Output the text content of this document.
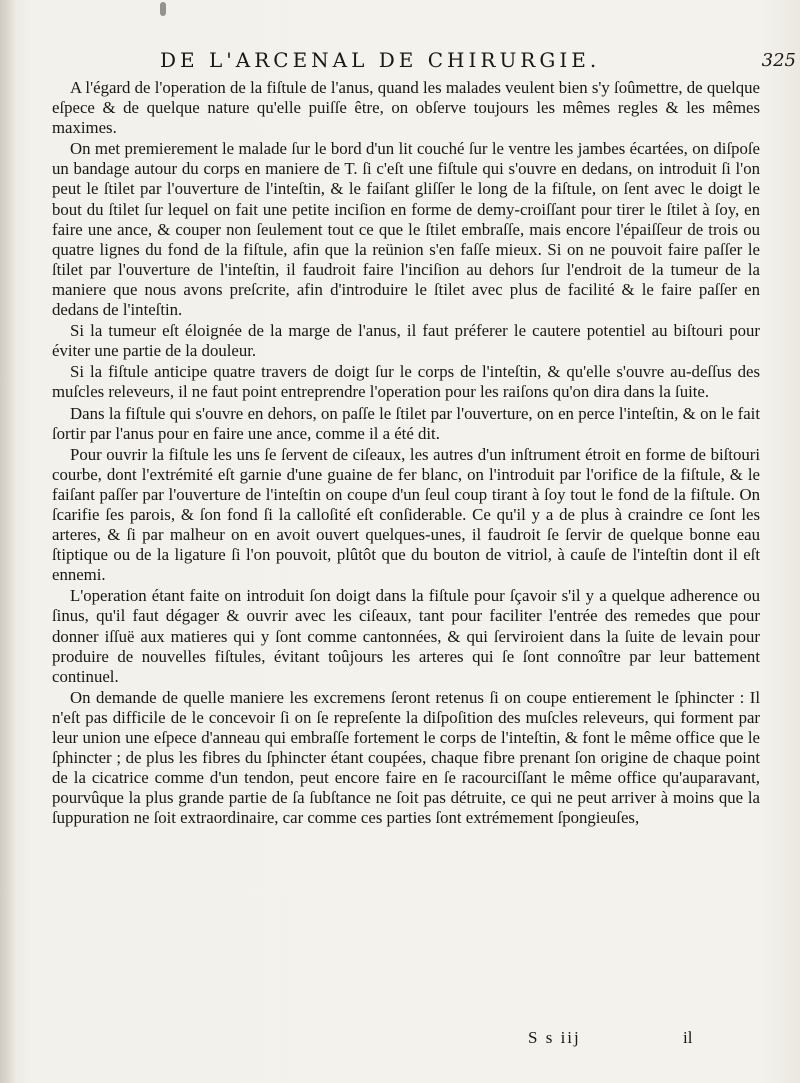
DE L'ARCENAL DE CHIRURGIE.	325

A l'égard de l'operation de la fiſtule de l'anus, quand les malades veulent bien s'y ſoûmettre, de quelque eſpece & de quelque nature qu'elle puiſſe être, on obſerve toujours les mêmes regles & les mêmes maximes.

On met premierement le malade ſur le bord d'un lit couché ſur le ventre les jambes écartées, on diſpoſe un bandage autour du corps en maniere de T. ſi c'eſt une fiſtule qui s'ouvre en dedans, on introduit ſi l'on peut le ſtilet par l'ouverture de l'inteſtin, & le faiſant gliſſer le long de la fiſtule, on ſent avec le doigt le bout du ſtilet ſur lequel on fait une petite inciſion en forme de demy-croiſſant pour tirer le ſtilet à ſoy, en faire une ance, & couper non ſeulement tout ce que le ſtilet embraſſe, mais encore l'épaiſſeur de trois ou quatre lignes du fond de la fiſtule, afin que la reünion s'en faſſe mieux. Si on ne pouvoit faire paſſer le ſtilet par l'ouverture de l'inteſtin, il faudroit faire l'inciſion au dehors ſur l'endroit de la tumeur de la maniere que nous avons preſcrite, afin d'introduire le ſtilet avec plus de facilité & le faire paſſer en dedans de l'inteſtin.

Si la tumeur eſt éloignée de la marge de l'anus, il faut préferer le cautere potentiel au biſtouri pour éviter une partie de la douleur.

Si la fiſtule anticipe quatre travers de doigt ſur le corps de l'inteſtin, & qu'elle s'ouvre au-deſſus des muſcles releveurs, il ne faut point entreprendre l'operation pour les raiſons qu'on dira dans la ſuite.

Dans la fiſtule qui s'ouvre en dehors, on paſſe le ſtilet par l'ouverture, on en perce l'inteſtin, & on le fait ſortir par l'anus pour en faire une ance, comme il a été dit.

Pour ouvrir la fiſtule les uns ſe ſervent de ciſeaux, les autres d'un inſtrument étroit en forme de biſtouri courbe, dont l'extrémité eſt garnie d'une guaine de fer blanc, on l'introduit par l'orifice de la fiſtule, & le faiſant paſſer par l'ouverture de l'inteſtin on coupe d'un ſeul coup tirant à ſoy tout le fond de la fiſtule. On ſcarifie ſes parois, & ſon fond ſi la calloſité eſt conſiderable. Ce qu'il y a de plus à craindre ce ſont les arteres, & ſi par malheur on en avoit ouvert quelques-unes, il faudroit ſe ſervir de quelque bonne eau ſtiptique ou de la ligature ſi l'on pouvoit, plûtôt que du bouton de vitriol, à cauſe de l'inteſtin dont il eſt ennemi.

L'operation étant faite on introduit ſon doigt dans la fiſtule pour ſçavoir s'il y a quelque adherence ou ſinus, qu'il faut dégager & ouvrir avec les ciſeaux, tant pour faciliter l'entrée des remedes que pour donner iſſuë aux matieres qui y ſont comme cantonnées, & qui ſerviroient dans la ſuite de levain pour produire de nouvelles fiſtules, évitant toûjours les arteres qui ſe ſont connoître par leur battement continuel.

On demande de quelle maniere les excremens ſeront retenus ſi on coupe entierement le ſphincter : Il n'eſt pas difficile de le concevoir ſi on ſe repreſente la diſpoſition des muſcles releveurs, qui forment par leur union une eſpece d'anneau qui embraſſe fortement le corps de l'inteſtin, & font le même office que le ſphincter ; de plus les fibres du ſphincter étant coupées, chaque fibre prenant ſon origine de chaque point de la cicatrice comme d'un tendon, peut encore faire en ſe racourciſſant le même office qu'auparavant, pourvûque la plus grande partie de ſa ſubſtance ne ſoit pas détruite, ce qui ne peut arriver à moins que la ſuppuration ne ſoit extraordinaire, car comme ces parties ſont extrémement ſpongieuſes,

S s iij	il
